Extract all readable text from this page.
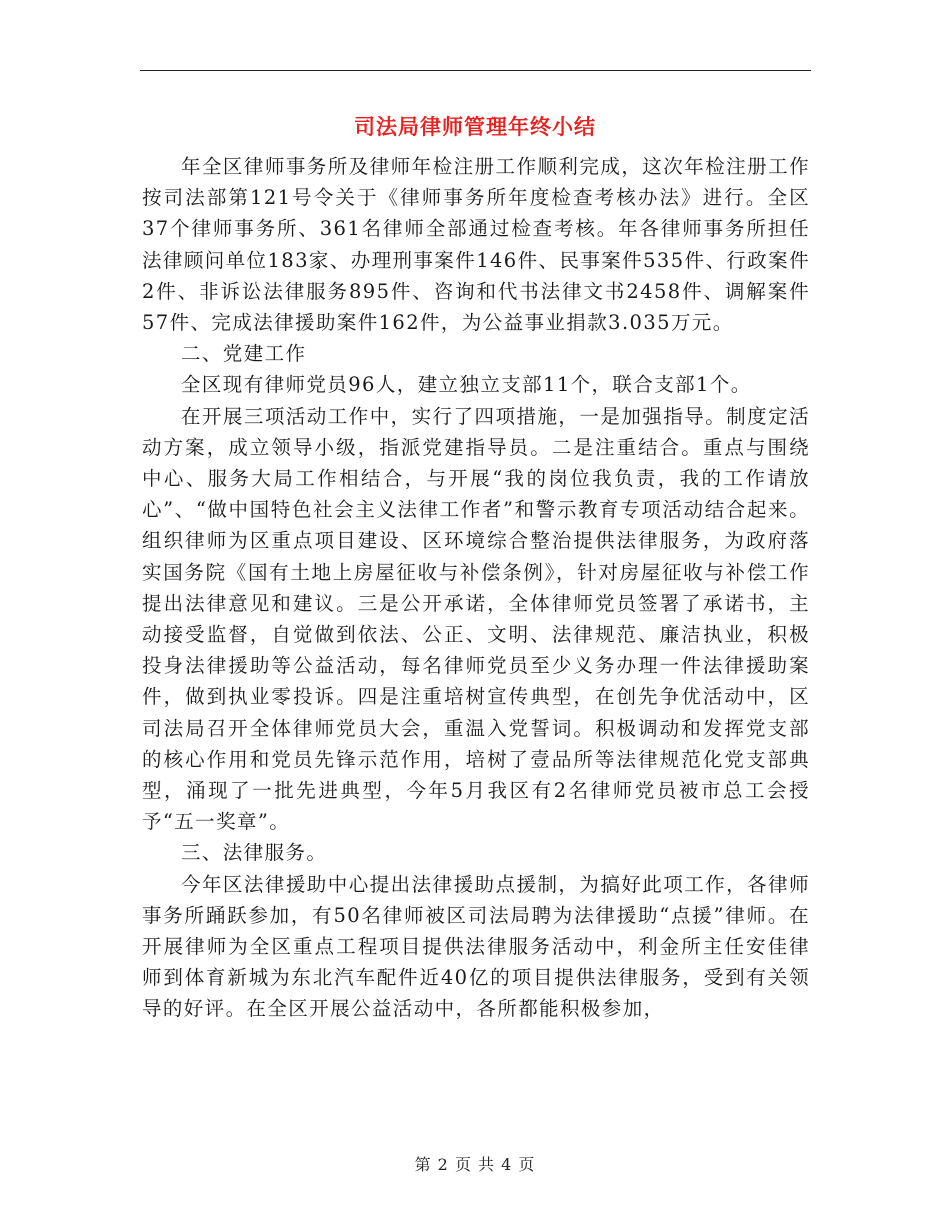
司法局律师管理年终小结

年全区律师事务所及律师年检注册工作顺利完成，这次年检注册工作按司法部第121号令关于《律师事务所年度检查考核办法》进行。全区37个律师事务所、361名律师全部通过检查考核。年各律师事务所担任法律顾问单位183家、办理刑事案件146件、民事案件535件、行政案件2件、非诉讼法律服务895件、咨询和代书法律文书2458件、调解案件57件、完成法律援助案件162件，为公益事业捐款3.035万元。

二、党建工作

全区现有律师党员96人，建立独立支部11个，联合支部1个。

在开展三项活动工作中，实行了四项措施，一是加强指导。制度定活动方案，成立领导小级，指派党建指导员。二是注重结合。重点与围绕中心、服务大局工作相结合，与开展“我的岗位我负责，我的工作请放心”、“做中国特色社会主义法律工作者”和警示教育专项活动结合起来。组织律师为区重点项目建设、区环境综合整治提供法律服务，为政府落实国务院《国有土地上房屋征收与补偿条例》，针对房屋征收与补偿工作提出法律意见和建议。三是公开承诺，全体律师党员签署了承诺书，主动接受监督，自觉做到依法、公正、文明、法律规范、廉洁执业，积极投身法律援助等公益活动，每名律师党员至少义务办理一件法律援助案件，做到执业零投诉。四是注重培树宣传典型，在创先争优活动中，区司法局召开全体律师党员大会，重温入党誓词。积极调动和发挥党支部的核心作用和党员先锋示范作用，培树了壹品所等法律规范化党支部典型，涌现了一批先进典型，今年5月我区有2名律师党员被市总工会授予“五一奖章”。

三、法律服务。

今年区法律援助中心提出法律援助点援制，为搞好此项工作，各律师事务所踊跃参加，有50名律师被区司法局聘为法律援助“点援”律师。在开展律师为全区重点工程项目提供法律服务活动中，利金所主任安佳律师到体育新城为东北汽车配件近40亿的项目提供法律服务，受到有关领导的好评。在全区开展公益活动中，各所都能积极参加，

第 2 页 共 4 页
